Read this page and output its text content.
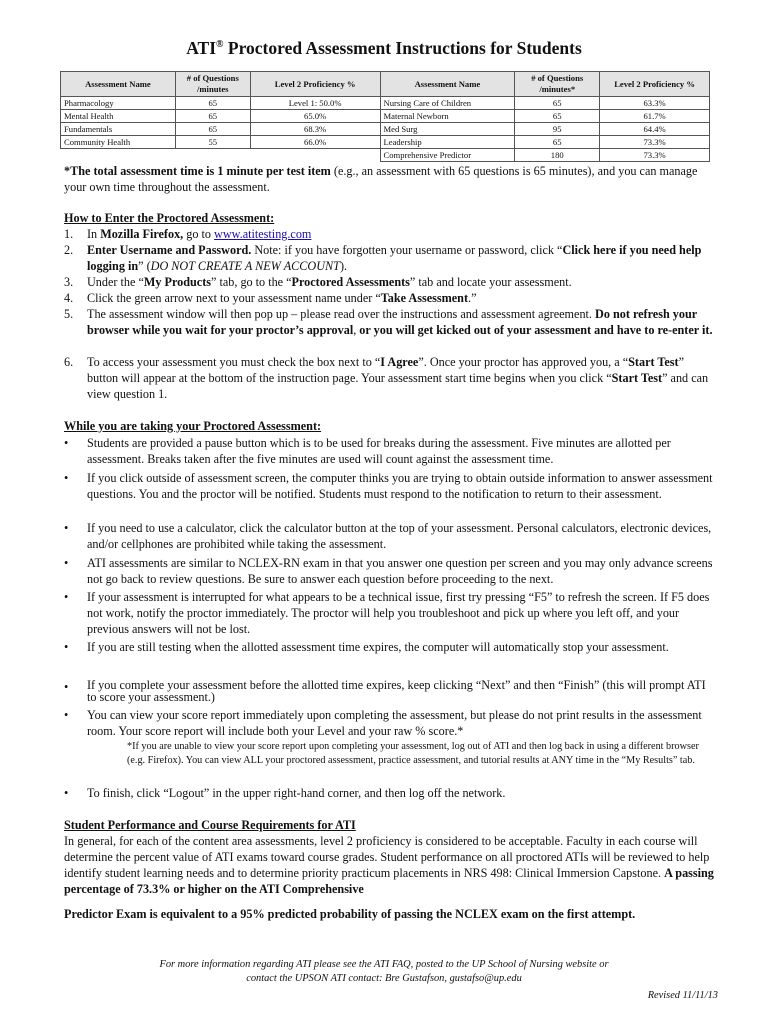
ATI® Proctored Assessment Instructions for Students
Assessment Name	# of Questions /minutes	Level 2 Proficiency %	Assessment Name	# of Questions /minutes*	Level 2 Proficiency %
Pharmacology	65	Level 1: 50.0%	Nursing Care of Children	65	63.3%
Mental Health	65	65.0%	Maternal Newborn	65	61.7%
Fundamentals	65	68.3%	Med Surg	95	64.4%
Community Health	55	66.0%	Leadership	65	73.3%
			Comprehensive Predictor	180	73.3%

*The total assessment time is 1 minute per test item (e.g., an assessment with 65 questions is 65 minutes), and you can manage your own time throughout the assessment.

How to Enter the Proctored Assessment:

1.	In Mozilla Firefox, go to www.atitesting.com
2.	Enter Username and Password. Note: if you have forgotten your username or password, click “Click here if you need help logging in” (DO NOT CREATE A NEW ACCOUNT).
3.	Under the “My Products” tab, go to the “Proctored Assessments” tab and locate your assessment.
4.	Click the green arrow next to your assessment name under “Take Assessment.”
5.	The assessment window will then pop up – please read over the instructions and assessment agreement. Do not refresh your browser while you wait for your proctor’s approval, or you will get kicked out of your assessment and have to re-enter it.
6.	To access your assessment you must check the box next to “I Agree”. Once your proctor has approved you, a “Start Test” button will appear at the bottom of the instruction page. Your assessment start time begins when you click “Start Test” and can view question 1.

While you are taking your Proctored Assessment:

•	Students are provided a pause button which is to be used for breaks during the assessment. Five minutes are allotted per assessment. Breaks taken after the five minutes are used will count against the assessment time.
•	If you click outside of assessment screen, the computer thinks you are trying to obtain outside information to answer assessment questions. You and the proctor will be notified. Students must respond to the notification to return to their assessment.
•	If you need to use a calculator, click the calculator button at the top of your assessment. Personal calculators, electronic devices, and/or cellphones are prohibited while taking the assessment.
•	ATI assessments are similar to NCLEX-RN exam in that you answer one question per screen and you may only advance screens not go back to review questions. Be sure to answer each question before proceeding to the next.
•	If your assessment is interrupted for what appears to be a technical issue, first try pressing “F5” to refresh the screen. If F5 does not work, notify the proctor immediately. The proctor will help you troubleshoot and pick up where you left off, and your previous answers will not be lost.
•	If you are still testing when the allotted assessment time expires, the computer will automatically stop your assessment.
•	If you complete your assessment before the allotted time expires, keep clicking “Next” and then “Finish” (this will prompt ATI to score your assessment.)
•	You can view your score report immediately upon completing the assessment, but please do not print results in the assessment room. Your score report will include both your Level and your raw % score.*
*If you are unable to view your score report upon completing your assessment, log out of ATI and then log back in using a different browser (e.g. Firefox). You can view ALL your proctored assessment, practice assessment, and tutorial results at ANY time in the “My Results” tab.
•	To finish, click “Logout” in the upper right-hand corner, and then log off the network.

Student Performance and Course Requirements for ATI

In general, for each of the content area assessments, level 2 proficiency is considered to be acceptable. Faculty in each course will determine the percent value of ATI exams toward course grades. Student performance on all proctored ATIs will be reviewed to help identify student learning needs and to determine priority practicum placements in NRS 498: Clinical Immersion Capstone. A passing percentage of 73.3% or higher on the ATI Comprehensive

Predictor Exam is equivalent to a 95% predicted probability of passing the NCLEX exam on the first attempt.

For more information regarding ATI please see the ATI FAQ, posted to the UP School of Nursing website or
contact the UPSON ATI contact: Bre Gustafson, gustafso@up.edu
Revised 11/11/13
